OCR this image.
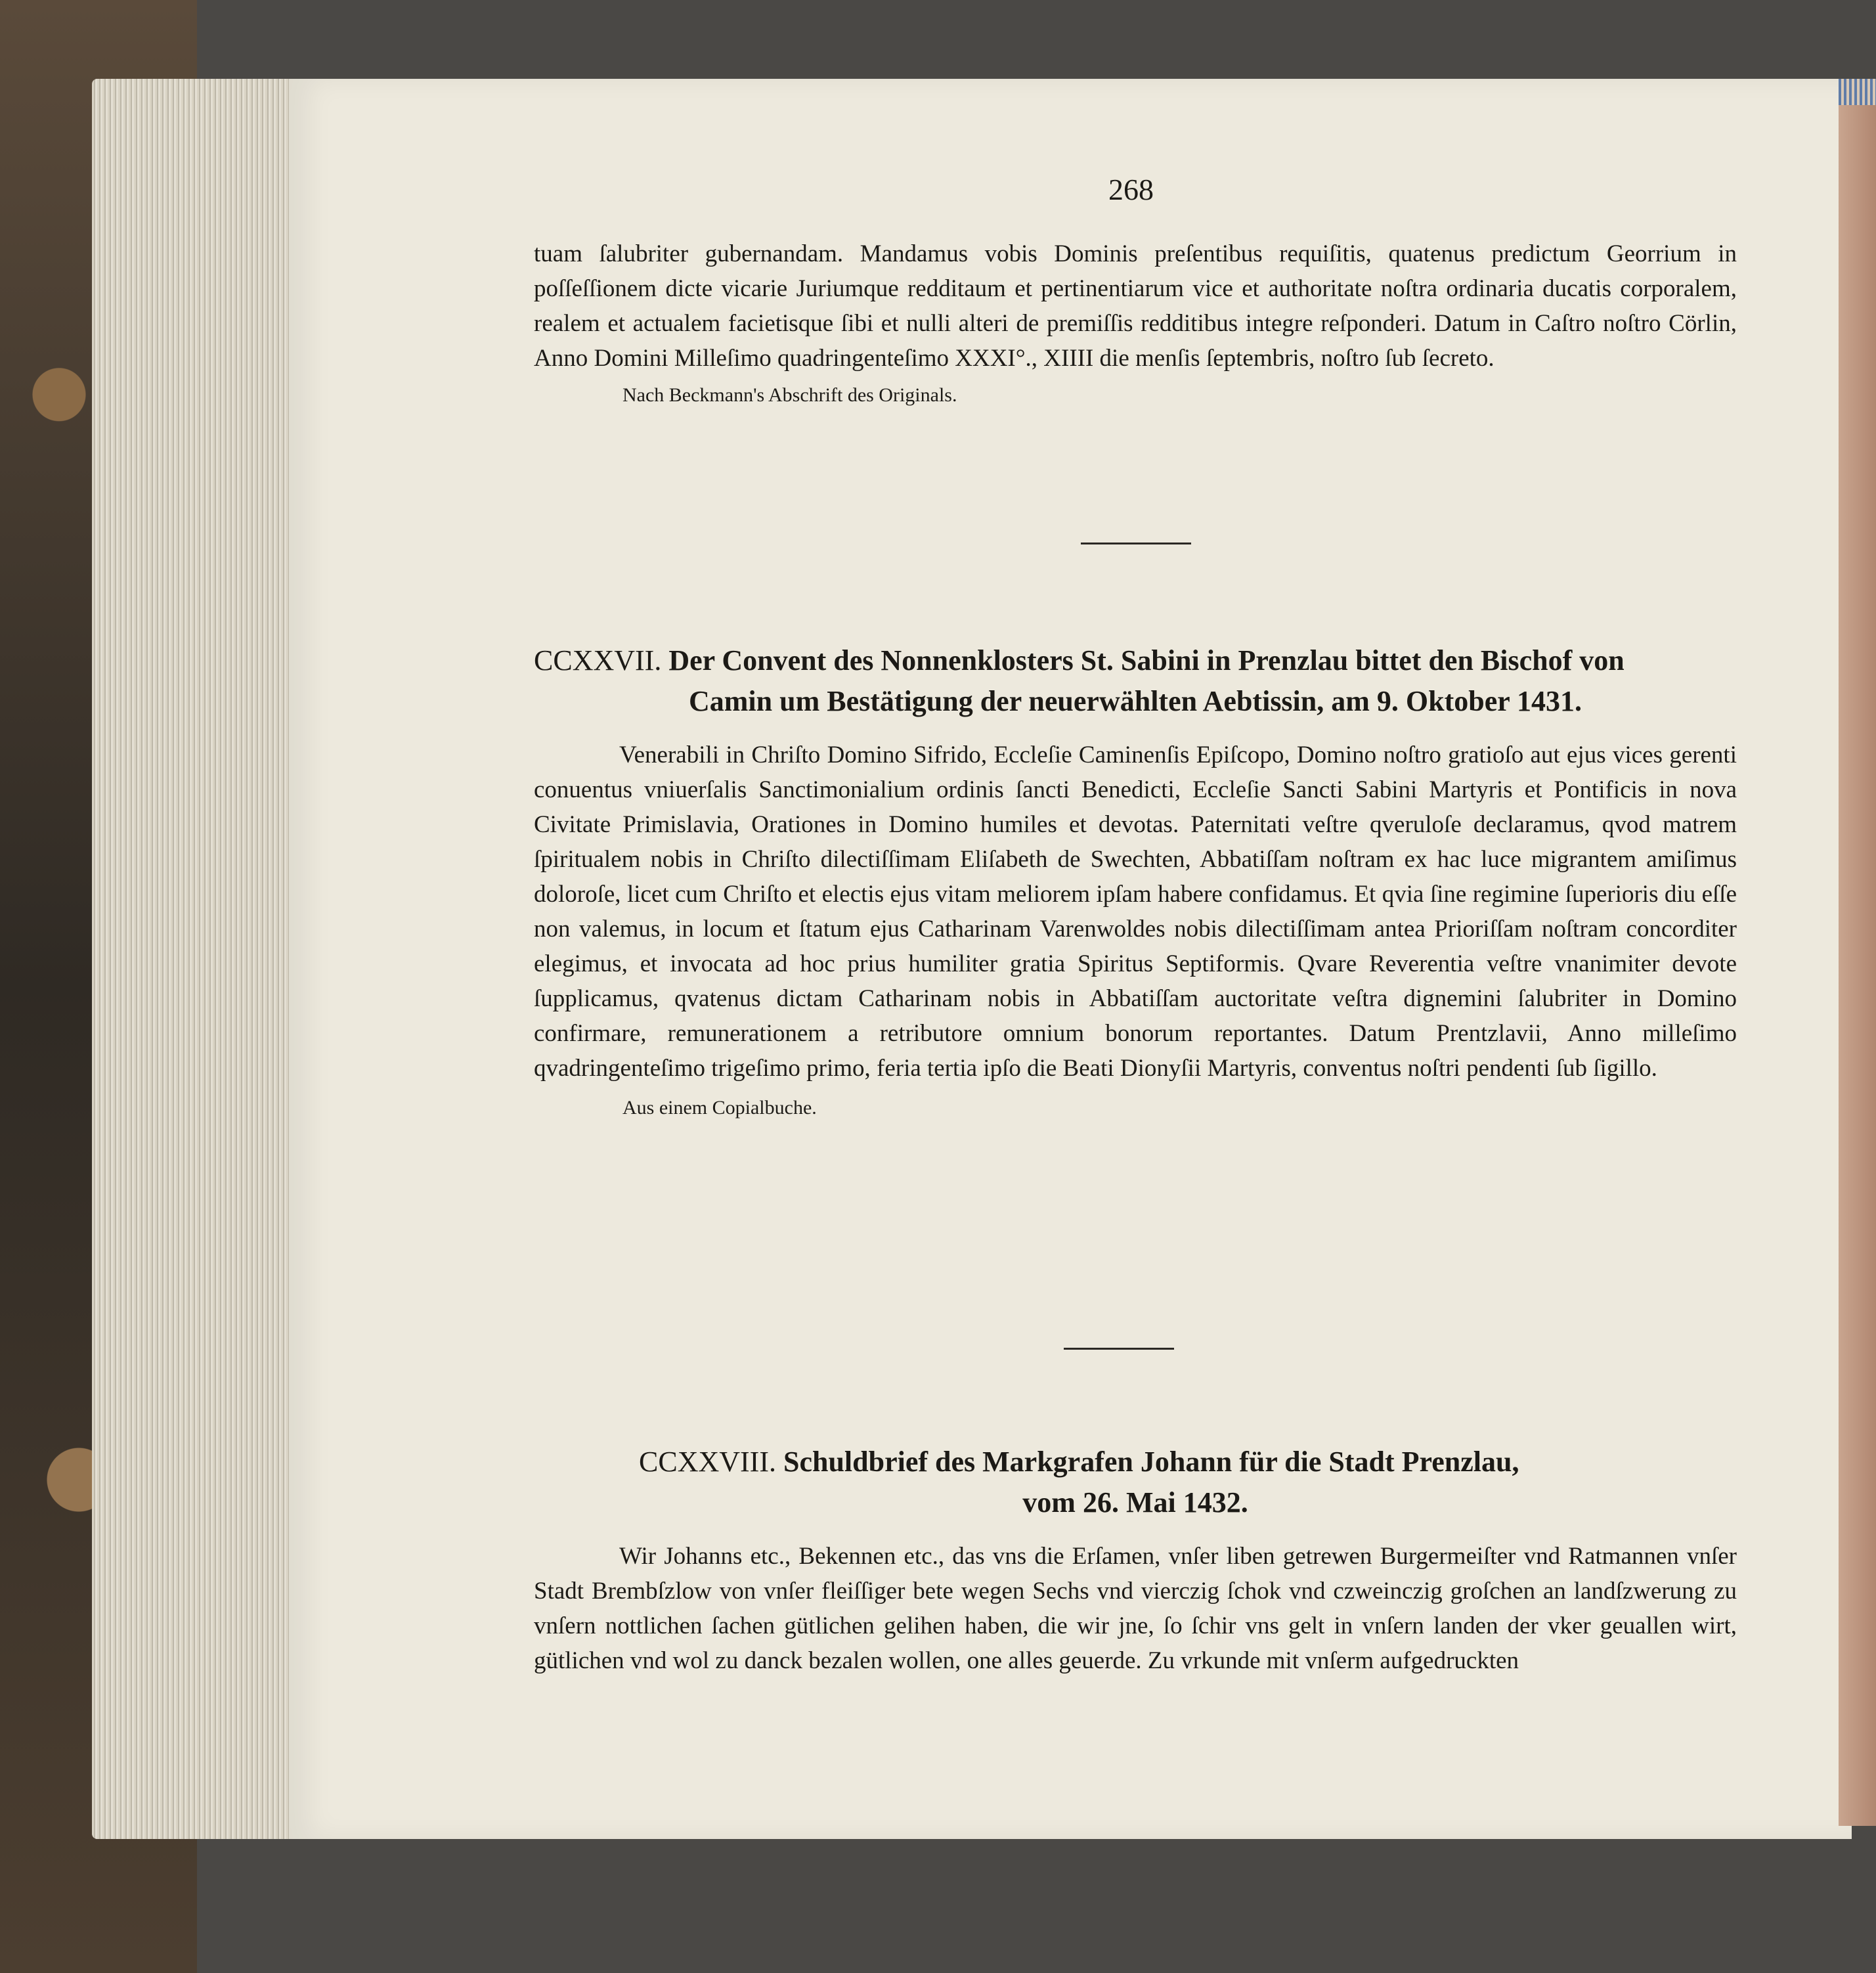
268

tuam ſalubriter gubernandam. Mandamus vobis Dominis preſentibus requiſitis, quatenus predictum Georrium in poſſeſſionem dicte vicarie Juriumque redditaum et pertinentiarum vice et authoritate noſtra ordinaria ducatis corporalem, realem et actualem facietisque ſibi et nulli alteri de premiſſis redditibus integre reſponderi. Datum in Caſtro noſtro Cörlin, Anno Domini Milleſimo quadringenteſimo XXXI°., XIIII die menſis ſeptembris, noſtro ſub ſecreto.

Nach Beckmann's Abschrift des Originals.

CCXXVII. Der Convent des Nonnenklosters St. Sabini in Prenzlau bittet den Bischof von

Camin um Bestätigung der neuerwählten Aebtissin, am 9. Oktober 1431.

Venerabili in Chriſto Domino Sifrido, Eccleſie Caminenſis Epiſcopo, Domino noſtro gratioſo aut ejus vices gerenti conuentus vniuerſalis Sanctimonialium ordinis ſancti Benedicti, Eccleſie Sancti Sabini Martyris et Pontificis in nova Civitate Primislavia, Orationes in Domino humiles et devotas. Paternitati veſtre qveruloſe declaramus, qvod matrem ſpiritualem nobis in Chriſto dilectiſſimam Eliſabeth de Swechten, Abbatiſſam noſtram ex hac luce migrantem amiſimus doloroſe, licet cum Chriſto et electis ejus vitam meliorem ipſam habere confidamus. Et qvia ſine regimine ſuperioris diu eſſe non valemus, in locum et ſtatum ejus Catharinam Varenwoldes nobis dilectiſſimam antea Prioriſſam noſtram concorditer elegimus, et invocata ad hoc prius humiliter gratia Spiritus Septiformis. Qvare Reverentia veſtre vnanimiter devote ſupplicamus, qvatenus dictam Catharinam nobis in Abbatiſſam auctoritate veſtra dignemini ſalubriter in Domino confirmare, remunerationem a retributore omnium bonorum reportantes. Datum Prentzlavii, Anno milleſimo qvadringenteſimo trigeſimo primo, feria tertia ipſo die Beati Dionyſii Martyris, conventus noſtri pendenti ſub ſigillo.

Aus einem Copialbuche.

CCXXVIII. Schuldbrief des Markgrafen Johann für die Stadt Prenzlau,

vom 26. Mai 1432.

Wir Johanns etc., Bekennen etc., das vns die Erſamen, vnſer liben getrewen Burgermeiſter vnd Ratmannen vnſer Stadt Brembſzlow von vnſer fleiſſiger bete wegen Sechs vnd vierczig ſchok vnd czweinczig groſchen an landſzwerung zu vnſern nottlichen ſachen gütlichen gelihen haben, die wir jne, ſo ſchir vns gelt in vnſern landen der vker geuallen wirt, gütlichen vnd wol zu danck bezalen wollen, one alles geuerde. Zu vrkunde mit vnſerm aufgedruckten
